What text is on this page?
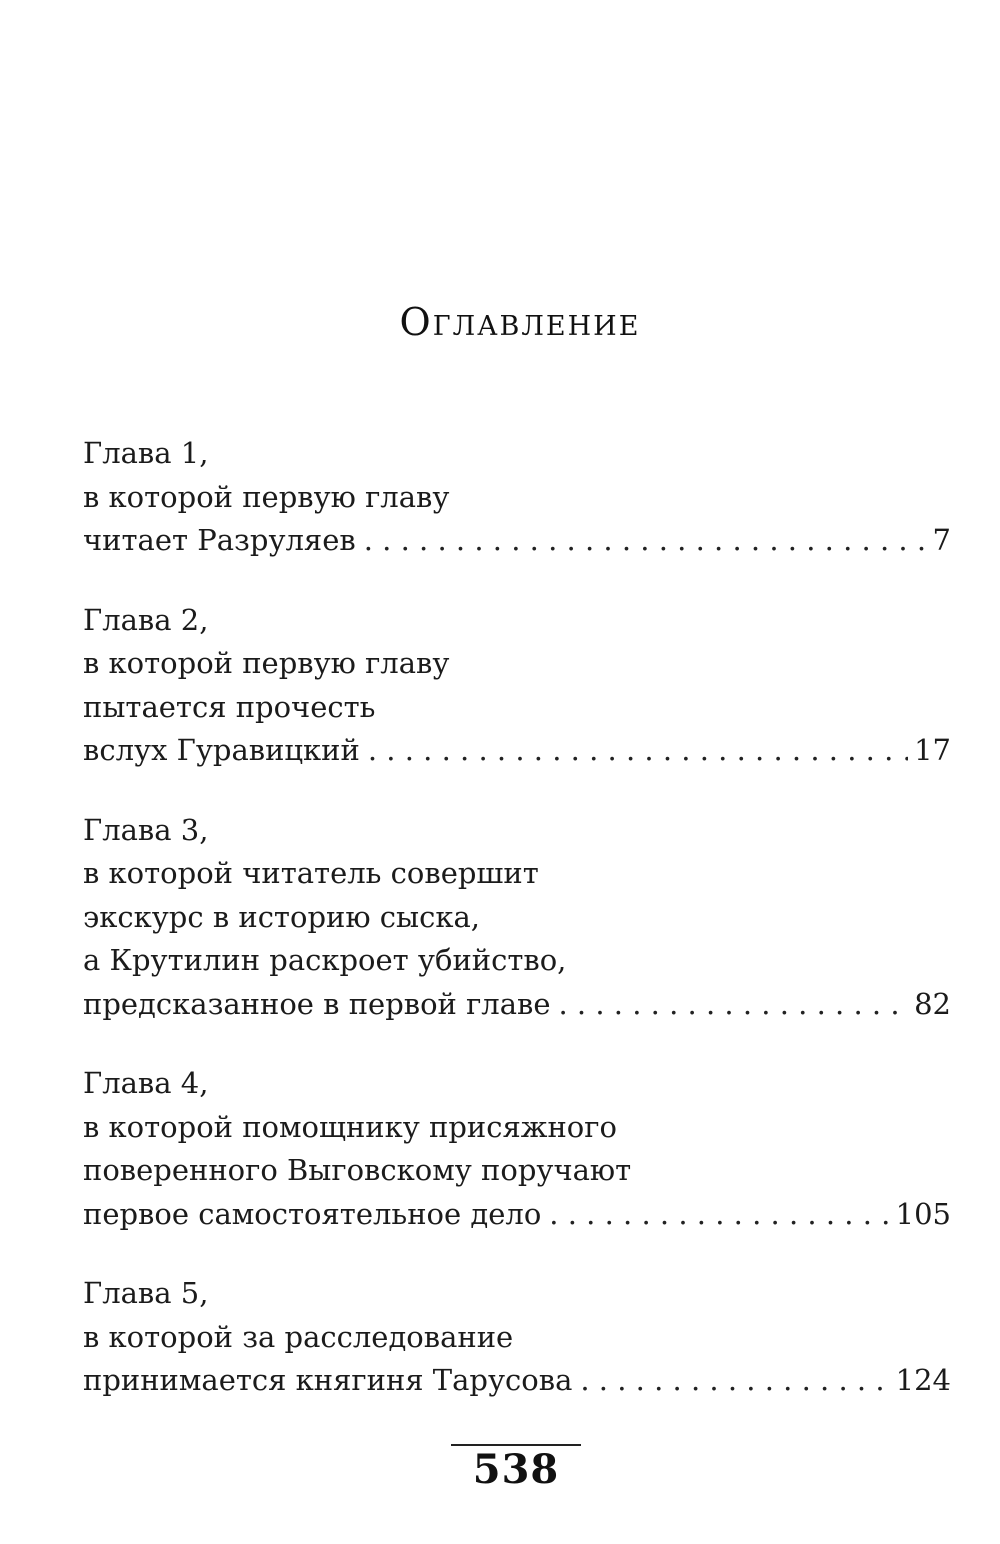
Оглавление
Глава 1,
в которой первую главу
читает Разруляев . . .	7
Глава 2,
в которой первую главу
пытается прочесть
вслух Гуравицкий . . .	17
Глава 3,
в которой читатель совершит
экскурс в историю сыска,
а Крутилин раскроет убийство,
предсказанное в первой главе . . .	82
Глава 4,
в которой помощнику присяжного
поверенного Выговскому поручают
первое самостоятельное дело . . .	105
Глава 5,
в которой за расследование
принимается княгиня Тарусова . . .	124
538
